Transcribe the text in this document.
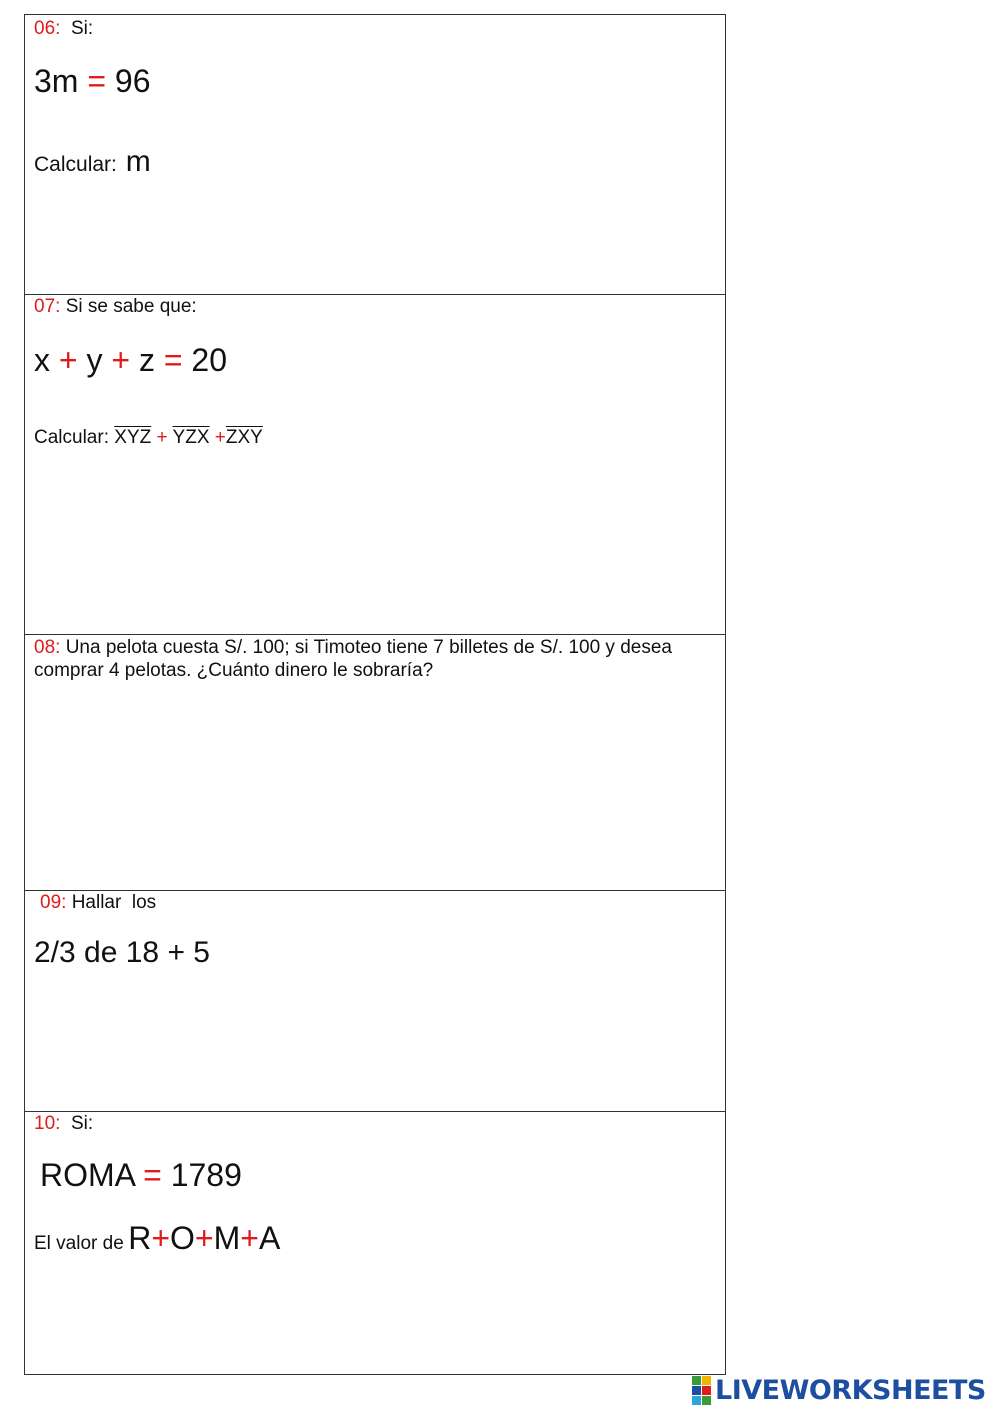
06: Si:
3m = 96
Calcular: m
07: Si se sabe que:
x + y + z = 20
Calcular: $\overline{XYZ} + \overline{YZX} +\overline{ZXY}$
08: Una pelota cuesta S/. 100; si Timoteo tiene 7 billetes de S/. 100 y desea comprar 4 pelotas. ¿Cuánto dinero le sobraría?
09: Hallar  los
2/3 de 18 + 5
10: Si:
ROMA = 1789
El valor de R+O+M+A
LIVEWORKSHEETS
